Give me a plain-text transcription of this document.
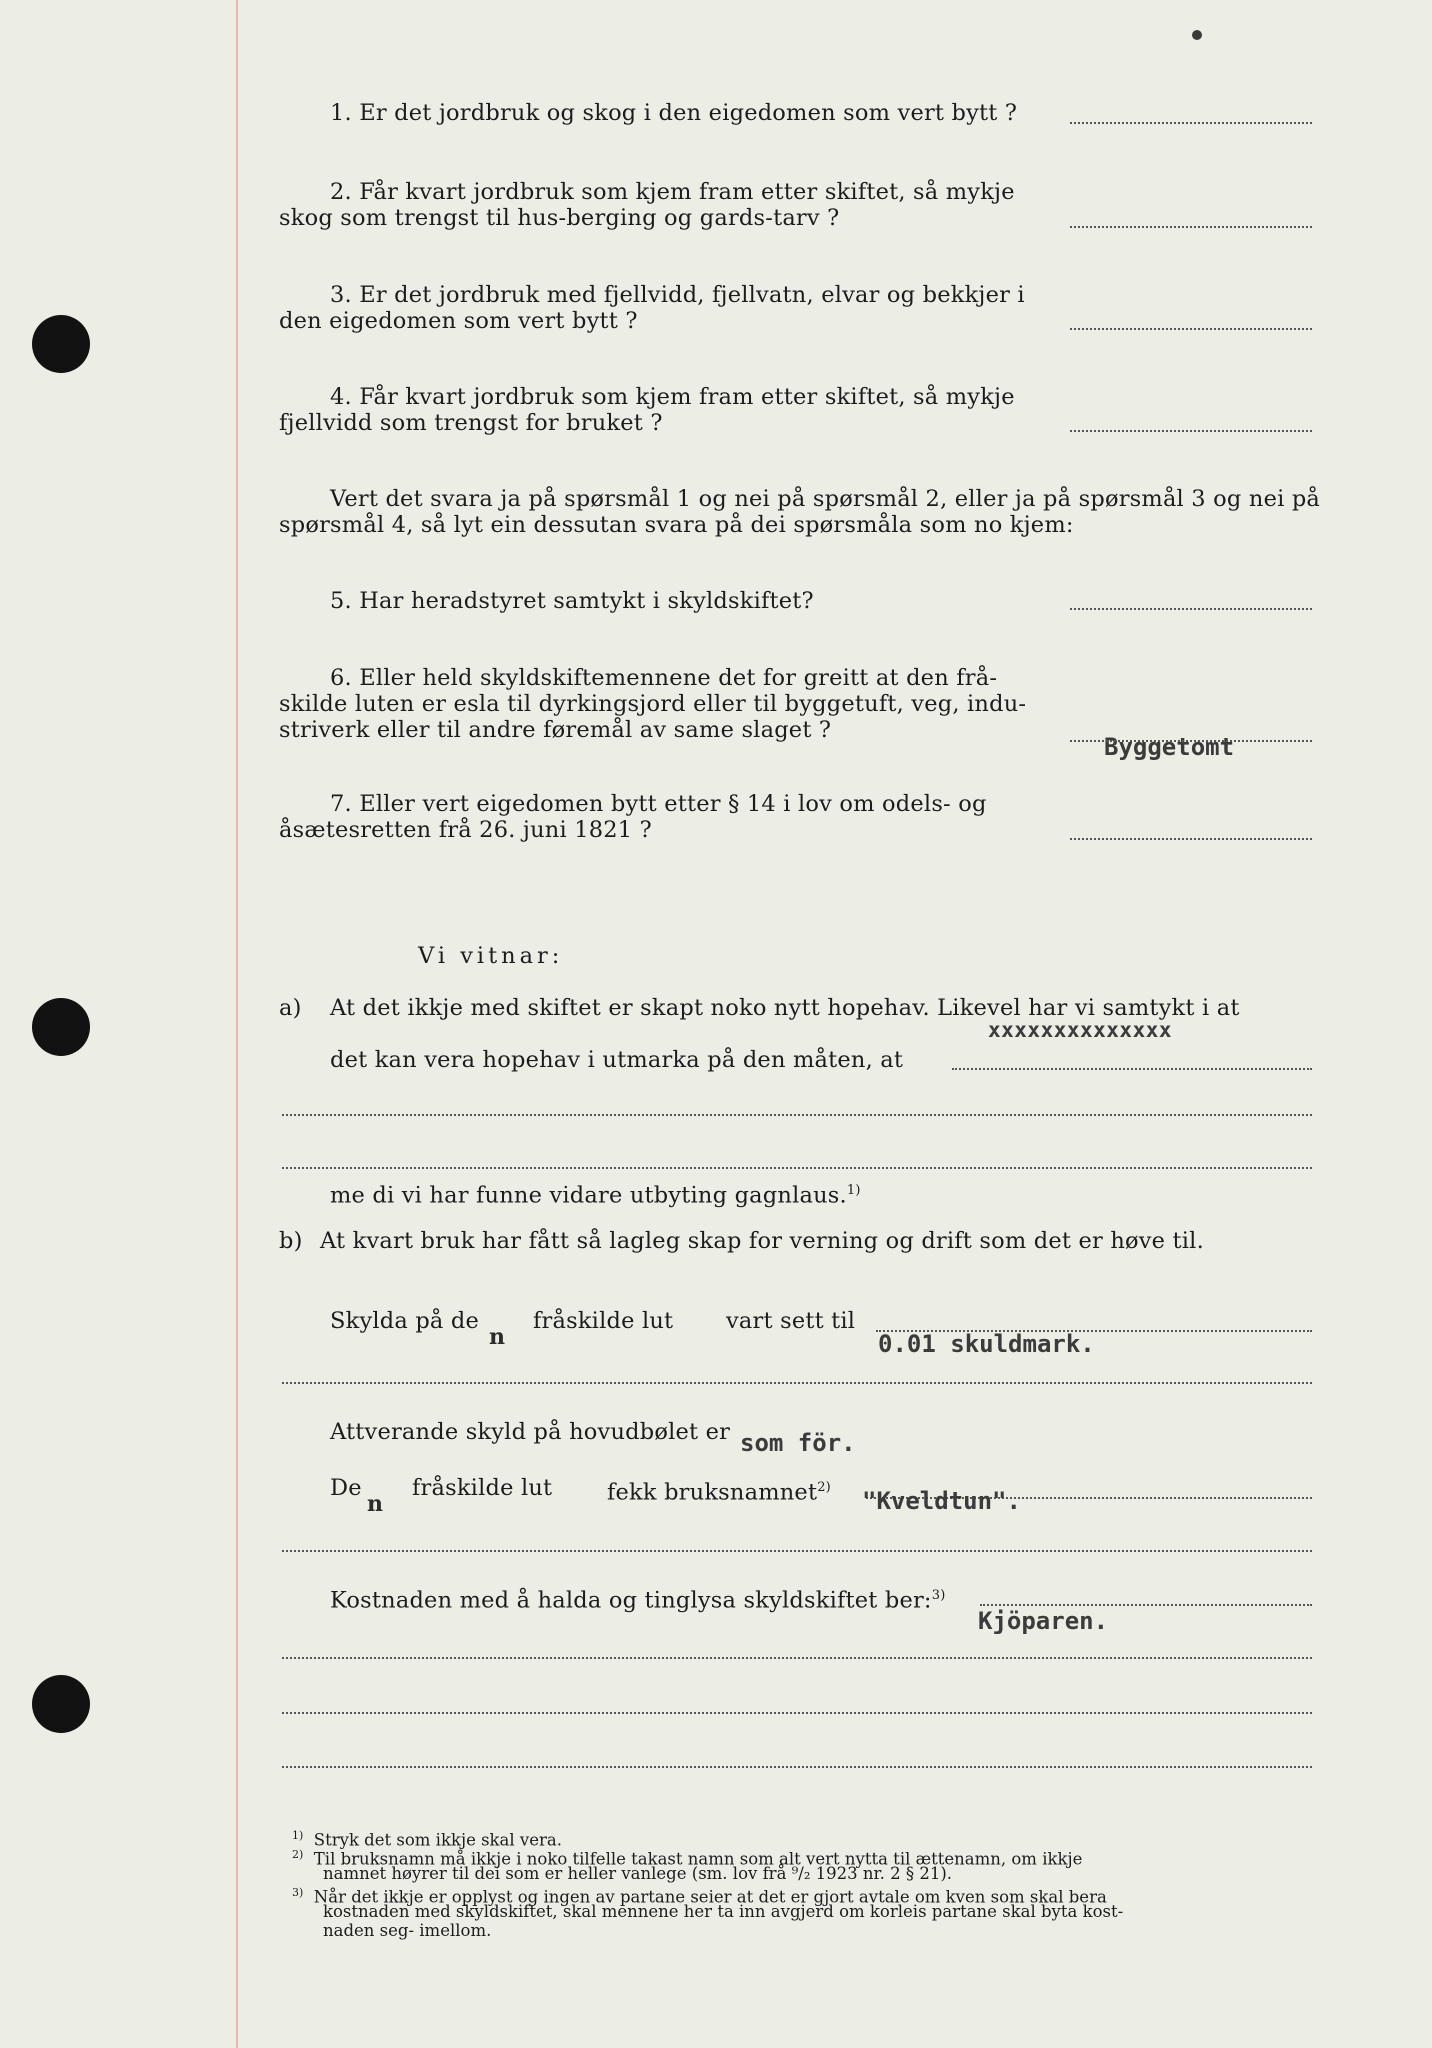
1. Er det jordbruk og skog i den eigedomen som vert bytt ?
2. Får kvart jordbruk som kjem fram etter skiftet, så mykje
skog som trengst til hus-berging og gards-tarv ?
3. Er det jordbruk med fjellvidd, fjellvatn, elvar og bekkjer i
den eigedomen som vert bytt ?
4. Får kvart jordbruk som kjem fram etter skiftet, så mykje
fjellvidd som trengst for bruket ?
Vert det svara ja på spørsmål 1 og nei på spørsmål 2, eller ja på spørsmål 3 og nei på
spørsmål 4, så lyt ein dessutan svara på dei spørsmåla som no kjem:
5. Har heradstyret samtykt i skyldskiftet?
6. Eller held skyldskiftemennene det for greitt at den frå-
skilde luten er esla til dyrkingsjord eller til byggetuft, veg, indu-
striverk eller til andre føremål av same slaget ?
Byggetomt
7. Eller vert eigedomen bytt etter § 14 i lov om odels- og
åsætesretten frå 26. juni 1821 ?
Vi vitnar:
a) At det ikkje med skiftet er skapt noko nytt hopehav. Likevel har vi samtykt i at
xxxxxxxxxxxxxx
det kan vera hopehav i utmarka på den måten, at
me di vi har funne vidare utbyting gagnlaus.$^{1)}$
b) At kvart bruk har fått så lagleg skap for verning og drift som det er høve til.
Skylda på de
n
fråskilde lut vart sett til
0.01 skuldmark.
Attverande skyld på hovudbølet er som för.
De
n
fråskilde lut fekk bruksnamnet$^{2)}$ "Kveldtun".
Kostnaden med å halda og tinglysa skyldskiftet ber:$^{3)}$
Kjöparen.
$^{1)}$ Stryk det som ikkje skal vera.
$^{2)}$ Til bruksnamn må ikkje i noko tilfelle takast namn som alt vert nytta til ættenamn, om ikkje
namnet høyrer til dei som er heller vanlege (sm. lov frå ⁹/₂ 1923 nr. 2 § 21).
$^{3)}$ Når det ikkje er opplyst og ingen av partane seier at det er gjort avtale om kven som skal bera
kostnaden med skyldskiftet, skal mennene her ta inn avgjerd om korleis partane skal byta kost-
naden seg- imellom.
